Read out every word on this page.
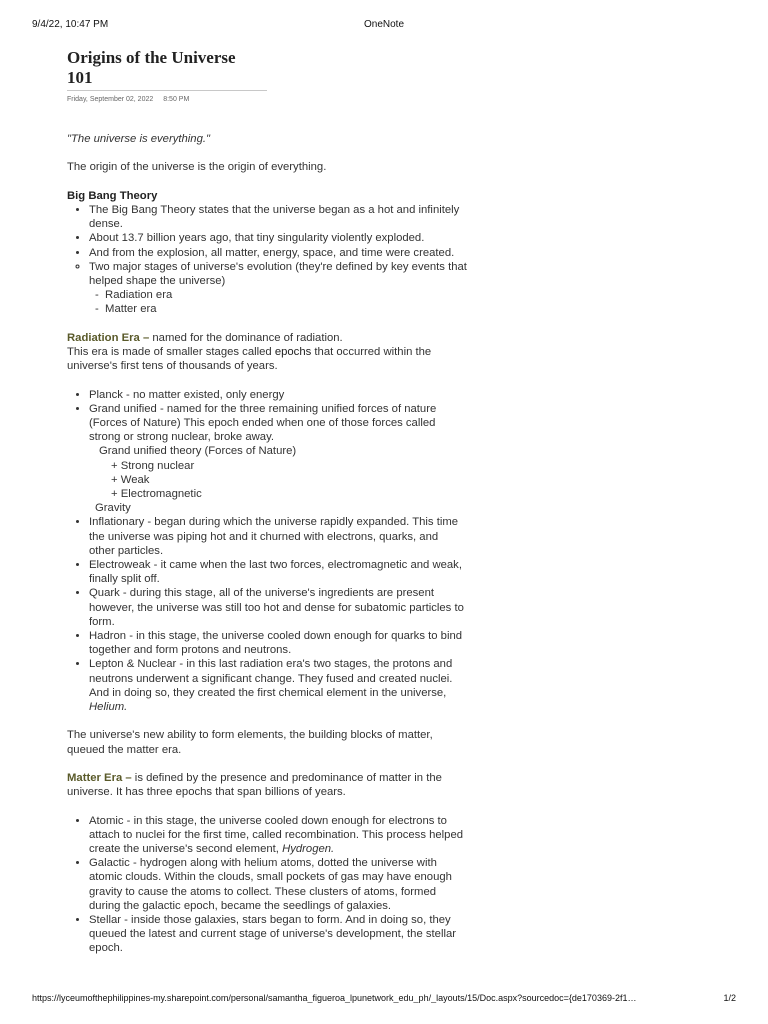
9/4/22, 10:47 PM	OneNote
Origins of the Universe 101
Friday, September 02, 2022 8:50 PM

"The universe is everything."

The origin of the universe is the origin of everything.

Big Bang Theory

• The Big Bang Theory states that the universe began as a hot and infinitely dense.
• About 13.7 billion years ago, that tiny singularity violently exploded.
• And from the explosion, all matter, energy, space, and time were created.
◦ Two major stages of universe's evolution (they're defined by key events that helped shape the universe)
-  Radiation era
-  Matter era

Radiation Era – named for the dominance of radiation.

This era is made of smaller stages called epochs that occurred within the universe's first tens of thousands of years.

• Planck - no matter existed, only energy
• Grand unified - named for the three remaining unified forces of nature (Forces of Nature) This epoch ended when one of those forces called strong or strong nuclear, broke away.

Grand unified theory (Forces of Nature)

+ Strong nuclear

+ Weak

+ Electromagnetic

Gravity

• Inflationary - began during which the universe rapidly expanded. This time the universe was piping hot and it churned with electrons, quarks, and other particles.
• Electroweak - it came when the last two forces, electromagnetic and weak, finally split off.
• Quark - during this stage, all of the universe's ingredients are present however, the universe was still too hot and dense for subatomic particles to form.
• Hadron - in this stage, the universe cooled down enough for quarks to bind together and form protons and neutrons.
• Lepton & Nuclear - in this last radiation era's two stages, the protons and neutrons underwent a significant change. They fused and created nuclei. And in doing so, they created the first chemical element in the universe, Helium.

The universe's new ability to form elements, the building blocks of matter, queued the matter era.

Matter Era – is defined by the presence and predominance of matter in the universe. It has three epochs that span billions of years.

• Atomic - in this stage, the universe cooled down enough for electrons to attach to nuclei for the first time, called recombination. This process helped create the universe's second element, Hydrogen.
• Galactic - hydrogen along with helium atoms, dotted the universe with atomic clouds. Within the clouds, small pockets of gas may have enough gravity to cause the atoms to collect. These clusters of atoms, formed during the galactic epoch, became the seedlings of galaxies.
• Stellar - inside those galaxies, stars began to form. And in doing so, they queued the latest and current stage of universe's development, the stellar epoch.
https://lyceumofthephilippines-my.sharepoint.com/personal/samantha_figueroa_lpunetwork_edu_ph/_layouts/15/Doc.aspx?sourcedoc={de170369-2f1…	1/2
